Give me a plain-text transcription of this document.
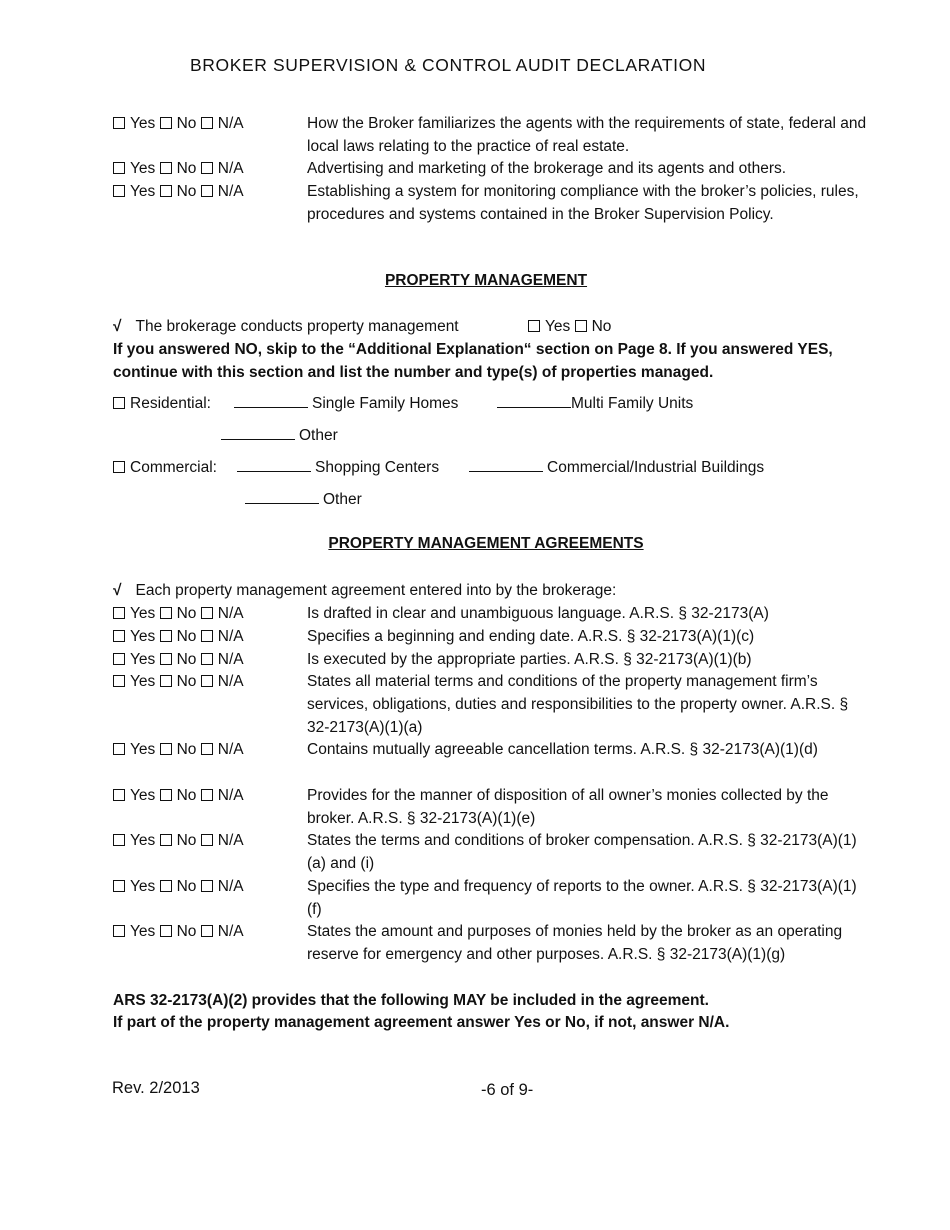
BROKER SUPERVISION & CONTROL AUDIT DECLARATION
Yes No N/A	How the Broker familiarizes the agents with the requirements of state, federal and local laws relating to the practice of real estate.
Yes No N/A	Advertising and marketing of the brokerage and its agents and others.
Yes No N/A	Establishing a system for monitoring compliance with the broker’s policies, rules, procedures and systems contained in the Broker Supervision Policy.
PROPERTY MANAGEMENT
√ The brokerage conducts property management	Yes No
If you answered NO, skip to the “Additional Explanation“ section on Page 8. If you answered YES, continue with this section and list the number and type(s) of properties managed.
Residential:	Single Family Homes	Multi Family Units
Other
Commercial:	Shopping Centers	Commercial/Industrial Buildings
Other
PROPERTY MANAGEMENT AGREEMENTS
√ Each property management agreement entered into by the brokerage:
Yes No N/A	Is drafted in clear and unambiguous language. A.R.S. § 32-2173(A)
Yes No N/A	Specifies a beginning and ending date. A.R.S. § 32-2173(A)(1)(c)
Yes No N/A	Is executed by the appropriate parties. A.R.S. § 32-2173(A)(1)(b)
Yes No N/A	States all material terms and conditions of the property management firm’s services, obligations, duties and responsibilities to the property owner. A.R.S. § 32-2173(A)(1)(a)
Yes No N/A	Contains mutually agreeable cancellation terms. A.R.S. § 32-2173(A)(1)(d)
Yes No N/A	Provides for the manner of disposition of all owner’s monies collected by the broker. A.R.S. § 32-2173(A)(1)(e)
Yes No N/A	States the terms and conditions of broker compensation. A.R.S. § 32-2173(A)(1)(a) and (i)
Yes No N/A	Specifies the type and frequency of reports to the owner. A.R.S. § 32-2173(A)(1)(f)
Yes No N/A	States the amount and purposes of monies held by the broker as an operating reserve for emergency and other purposes. A.R.S. § 32-2173(A)(1)(g)
ARS 32-2173(A)(2) provides that the following MAY be included in the agreement.
If part of the property management agreement answer Yes or No, if not, answer N/A.
Rev. 2/2013	-6 of 9-
